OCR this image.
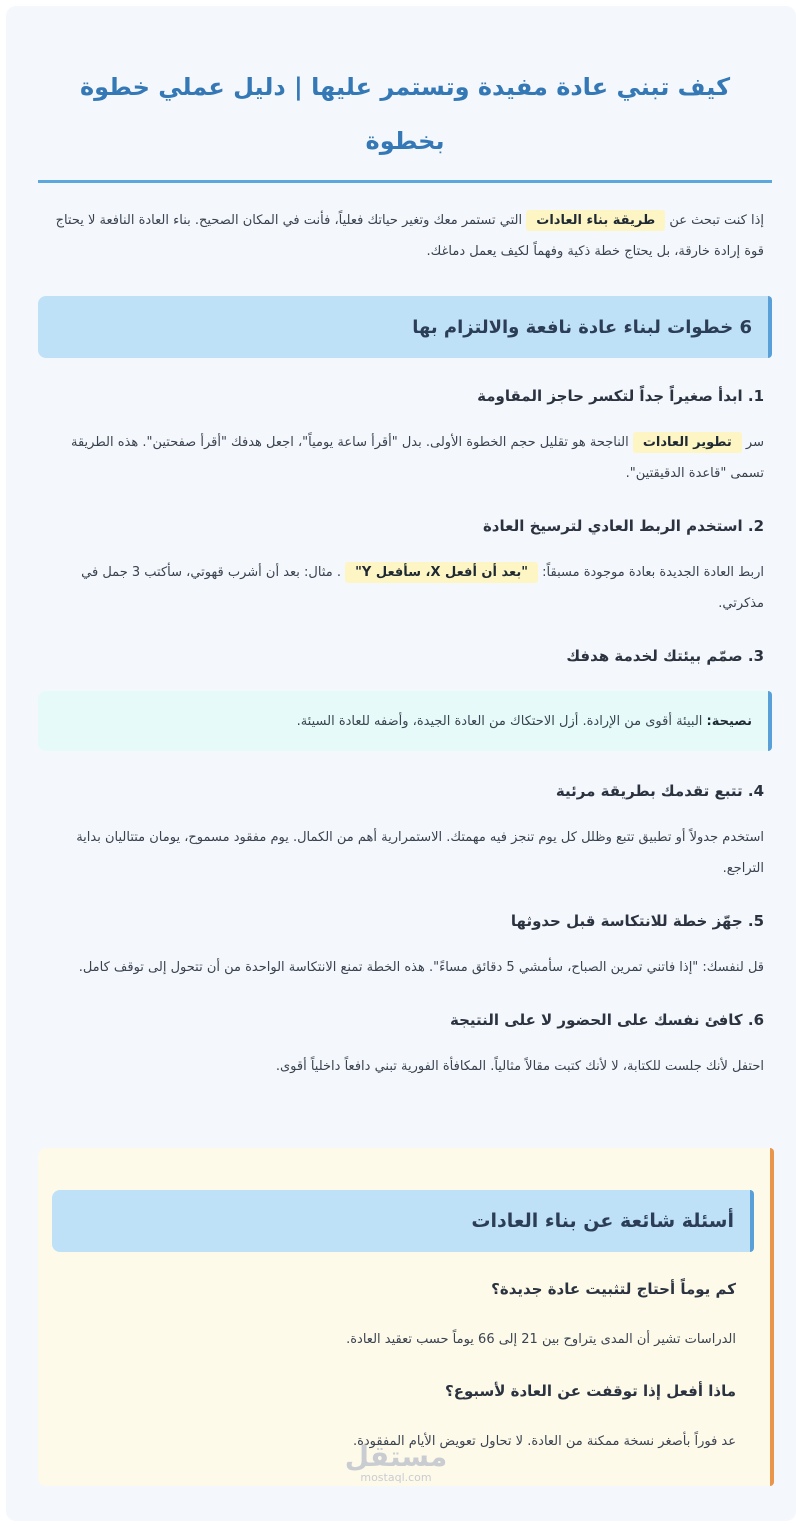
كيف تبني عادة مفيدة وتستمر عليها | دليل عملي خطوة بخطوة

إذا كنت تبحث عن طريقة بناء العادات التي تستمر معك وتغير حياتك فعلياً، فأنت في المكان الصحيح. بناء العادة النافعة لا يحتاج قوة إرادة خارقة، بل يحتاج خطة ذكية وفهماً لكيف يعمل دماغك.

6 خطوات لبناء عادة نافعة والالتزام بها
1. ابدأ صغيراً جداً لتكسر حاجز المقاومة

سر تطوير العادات الناجحة هو تقليل حجم الخطوة الأولى. بدل "أقرأ ساعة يومياً"، اجعل هدفك "أقرأ صفحتين". هذه الطريقة تسمى "قاعدة الدقيقتين".

2. استخدم الربط العادي لترسيخ العادة

اربط العادة الجديدة بعادة موجودة مسبقاً: "بعد أن أفعل X، سأفعل Y" . مثال: بعد أن أشرب قهوتي، سأكتب 3 جمل في مذكرتي.

3. صمّم بيئتك لخدمة هدفك
نصيحة: البيئة أقوى من الإرادة. أزل الاحتكاك من العادة الجيدة، وأضفه للعادة السيئة.
4. تتبع تقدمك بطريقة مرئية

استخدم جدولاً أو تطبيق تتبع وظلل كل يوم تنجز فيه مهمتك. الاستمرارية أهم من الكمال. يوم مفقود مسموح، يومان متتاليان بداية التراجع.

5. جهّز خطة للانتكاسة قبل حدوثها

قل لنفسك: "إذا فاتني تمرين الصباح، سأمشي 5 دقائق مساءً". هذه الخطة تمنع الانتكاسة الواحدة من أن تتحول إلى توقف كامل.

6. كافئ نفسك على الحضور لا على النتيجة

احتفل لأنك جلست للكتابة، لا لأنك كتبت مقالاً مثالياً. المكافأة الفورية تبني دافعاً داخلياً أقوى.

أسئلة شائعة عن بناء العادات
كم يوماً أحتاج لتثبيت عادة جديدة؟
الدراسات تشير أن المدى يتراوح بين 21 إلى 66 يوماً حسب تعقيد العادة.
ماذا أفعل إذا توقفت عن العادة لأسبوع؟
عد فوراً بأصغر نسخة ممكنة من العادة. لا تحاول تعويض الأيام المفقودة.
مستقل
mostaql.com
